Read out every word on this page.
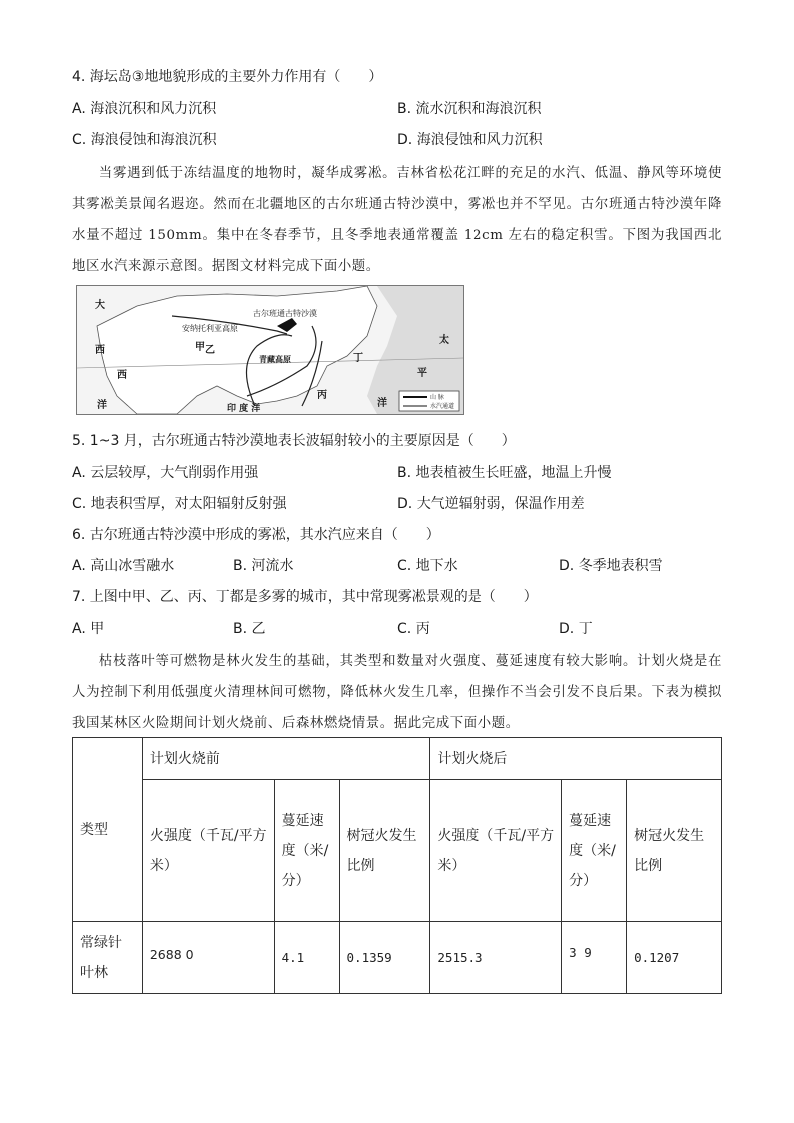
4. 海坛岛③地地貌形成的主要外力作用有（　　）
A. 海浪沉积和风力沉积	B. 流水沉积和海浪沉积
C. 海浪侵蚀和海浪沉积	D. 海浪侵蚀和风力沉积
当雾遇到低于冻结温度的地物时，凝华成雾凇。吉林省松花江畔的充足的水汽、低温、静风等环境使其雾凇美景闻名遐迩。然而在北疆地区的古尔班通古特沙漠中，雾凇也并不罕见。古尔班通古特沙漠年降水量不超过 150mm。集中在冬春季节，且冬季地表通常覆盖 12cm 左右的稳定积雪。下图为我国西北地区水汽来源示意图。据图文材料完成下面小题。
大
西
洋
西
安纳托利亚高原
甲 乙
古尔班通古特沙漠
青藏高原	丁
丙
太
平
洋
印 度 洋
山 脉
水汽通道
5. 1~3 月，古尔班通古特沙漠地表长波辐射较小的主要原因是（　　）
A. 云层较厚，大气削弱作用强	B. 地表植被生长旺盛，地温上升慢
C. 地表积雪厚，对太阳辐射反射强	D. 大气逆辐射弱，保温作用差
6. 古尔班通古特沙漠中形成的雾凇，其水汽应来自（　　）
A. 高山冰雪融水	B. 河流水	C. 地下水	D. 冬季地表积雪
7. 上图中甲、乙、丙、丁都是多雾的城市，其中常现雾凇景观的是（　　）
A. 甲	B. 乙	C. 丙	D. 丁
枯枝落叶等可燃物是林火发生的基础，其类型和数量对火强度、蔓延速度有较大影响。计划火烧是在人为控制下利用低强度火清理林间可燃物，降低林火发生几率，但操作不当会引发不良后果。下表为模拟我国某林区火险期间计划火烧前、后森林燃烧情景。据此完成下面小题。
类型	计划火烧前			计划火烧后		
	火强度（千瓦/平方米）	蔓延速度（米/分）	树冠火发生比例	火强度（千瓦/平方米）	蔓延速度（米/分）	树冠火发生比例
常绿针叶林	2688 0	4.1	0.1359	2515.3	3 9	0.1207
